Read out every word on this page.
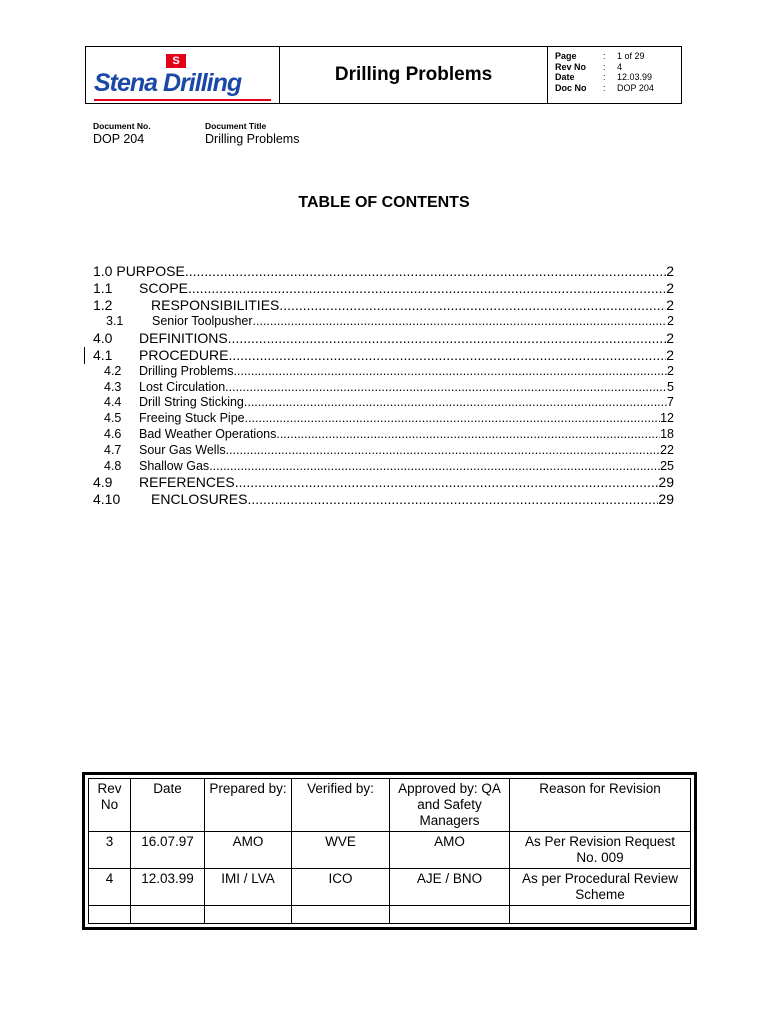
S
Stena Drilling	Drilling Problems
Page	:	1 of 29
Rev No	:	4
Date	:	12.03.99
Doc No	:	DOP 204
Document No.
DOP 204
Document Title
Drilling Problems
TABLE OF CONTENTS
1.0 PURPOSE .....	2
1.1	SCOPE .....	2
1.2	RESPONSIBILITIES .....	2
3.1	Senior Toolpusher .....	2
4.0	DEFINITIONS .....	2
4.1	PROCEDURE .....	2
4.2	Drilling Problems .....	2
4.3	Lost Circulation .....	5
4.4	Drill String Sticking .....	7
4.5	Freeing Stuck Pipe .....	12
4.6	Bad Weather Operations .....	18
4.7	Sour Gas Wells .....	22
4.8	Shallow Gas .....	25
4.9	REFERENCES .....	29
4.10	ENCLOSURES .....	29
Rev No	Date	Prepared by:	Verified by:	Approved by: QA and Safety Managers	Reason for Revision
3	16.07.97	AMO	WVE	AMO	As Per Revision Request No. 009
4	12.03.99	IMI / LVA	ICO	AJE / BNO	As per Procedural Review Scheme
